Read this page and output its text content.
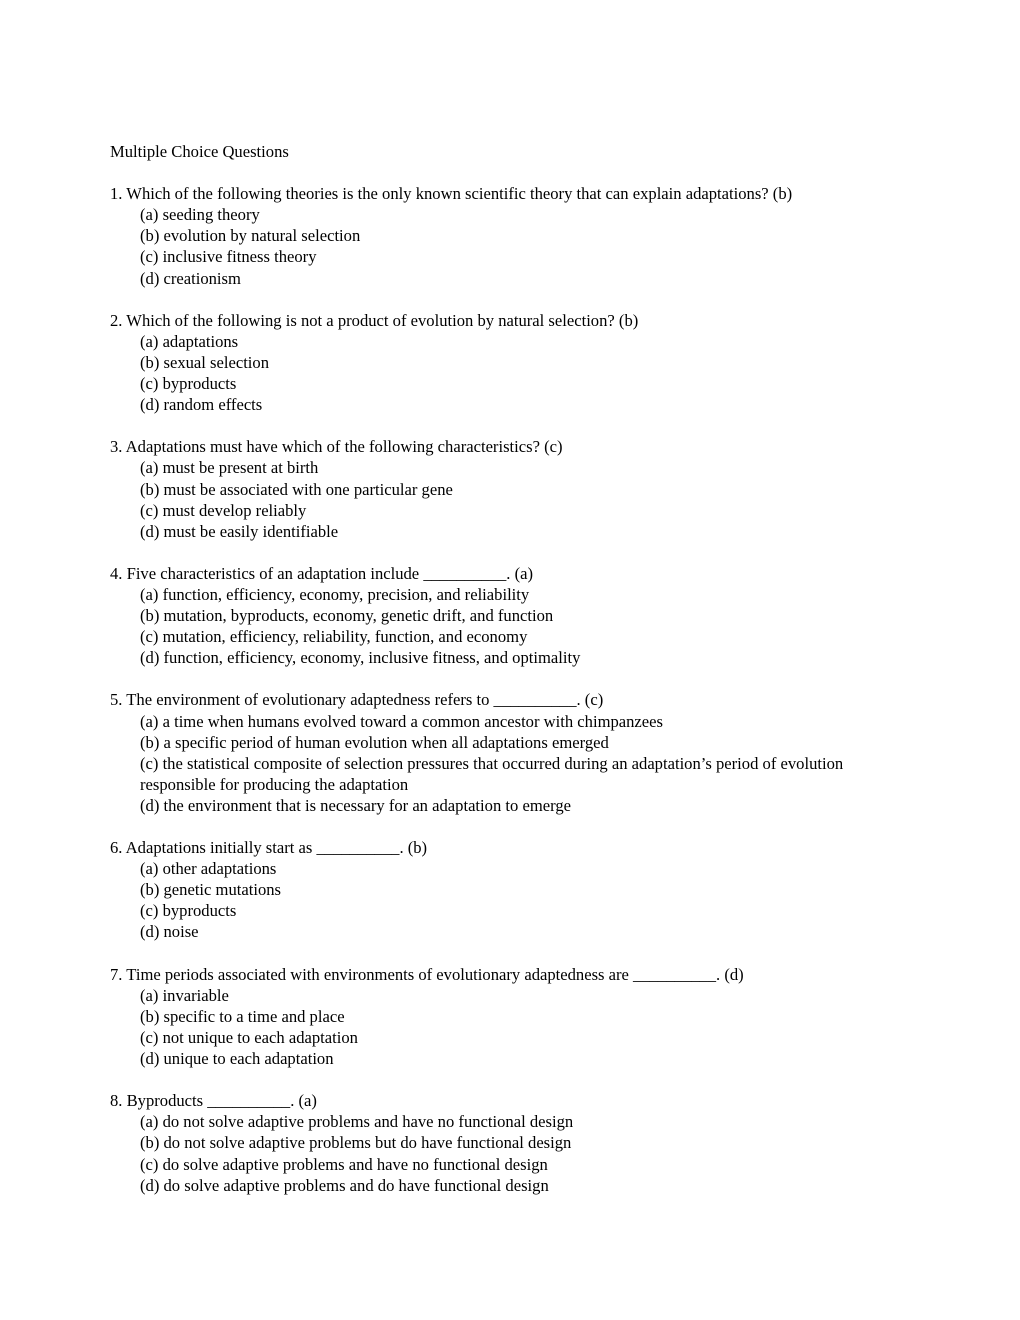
Multiple Choice Questions

1. Which of the following theories is the only known scientific theory that can explain adaptations? (b)

(a) seeding theory
(b) evolution by natural selection
(c) inclusive fitness theory
(d) creationism

2. Which of the following is not a product of evolution by natural selection? (b)

(a) adaptations
(b) sexual selection
(c) byproducts
(d) random effects

3. Adaptations must have which of the following characteristics? (c)

(a) must be present at birth
(b) must be associated with one particular gene
(c) must develop reliably
(d) must be easily identifiable

4. Five characteristics of an adaptation include __________. (a)

(a) function, efficiency, economy, precision, and reliability
(b) mutation, byproducts, economy, genetic drift, and function
(c) mutation, efficiency, reliability, function, and economy
(d) function, efficiency, economy, inclusive fitness, and optimality

5. The environment of evolutionary adaptedness refers to __________. (c)

(a) a time when humans evolved toward a common ancestor with chimpanzees
(b) a specific period of human evolution when all adaptations emerged
(c) the statistical composite of selection pressures that occurred during an adaptation’s period of evolution responsible for producing the adaptation
(d) the environment that is necessary for an adaptation to emerge

6. Adaptations initially start as __________. (b)

(a) other adaptations
(b) genetic mutations
(c) byproducts
(d) noise

7. Time periods associated with environments of evolutionary adaptedness are __________. (d)

(a) invariable
(b) specific to a time and place
(c) not unique to each adaptation
(d) unique to each adaptation

8. Byproducts __________. (a)

(a) do not solve adaptive problems and have no functional design
(b) do not solve adaptive problems but do have functional design
(c) do solve adaptive problems and have no functional design
(d) do solve adaptive problems and do have functional design
